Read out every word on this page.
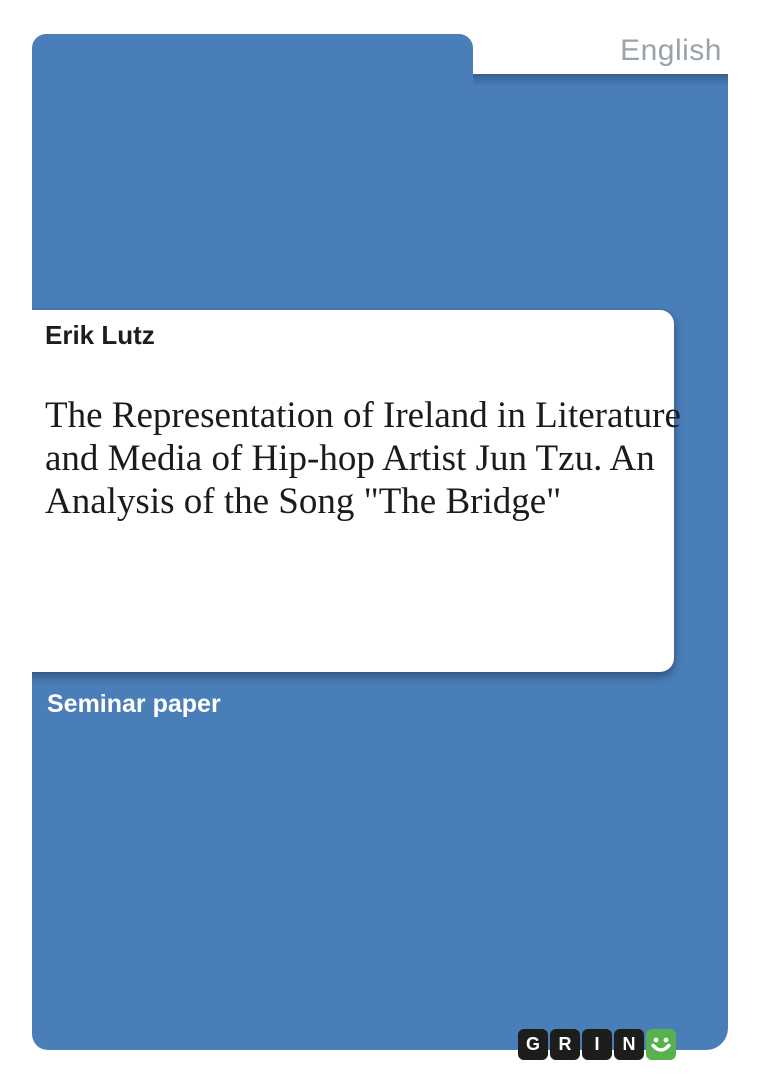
English
Erik Lutz
The Representation of Ireland in Literature
and Media of Hip-hop Artist Jun Tzu. An
Analysis of the Song "The Bridge"
Seminar paper
G	R	I	N
